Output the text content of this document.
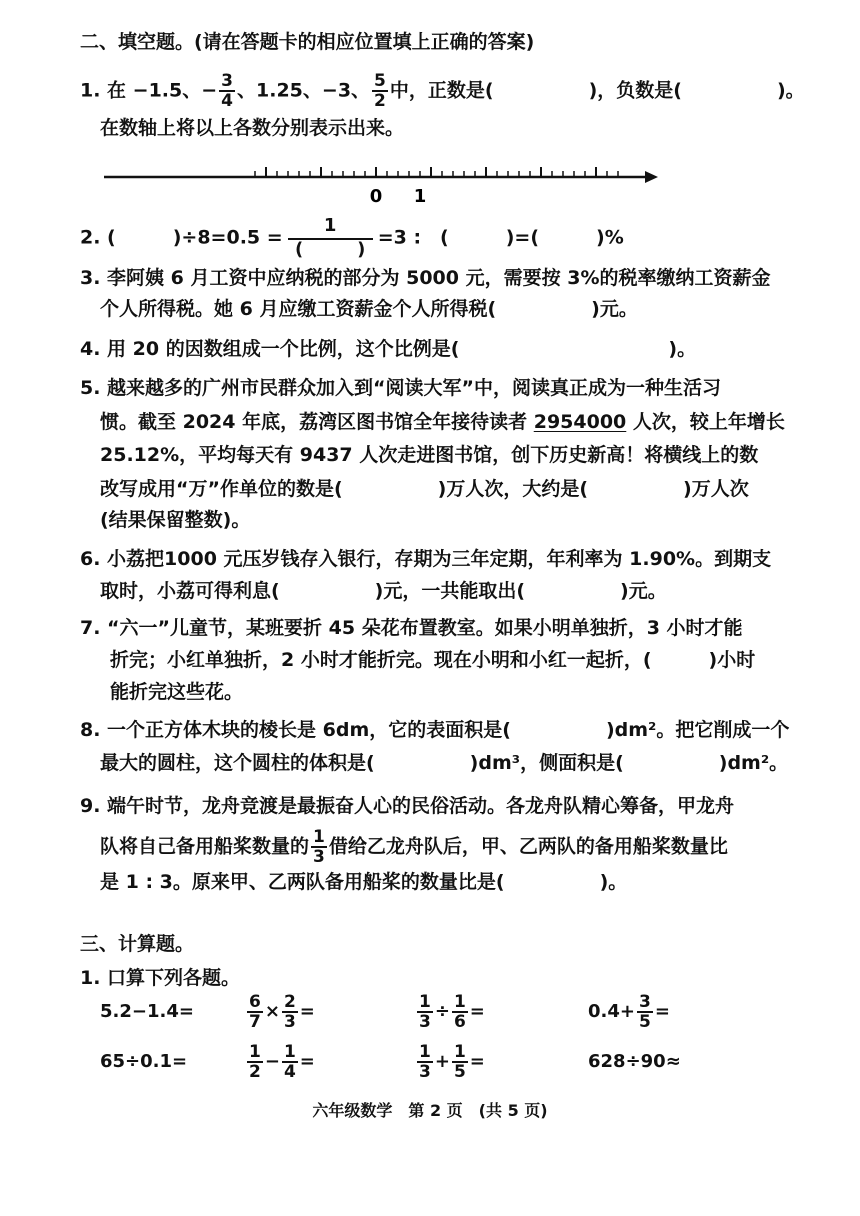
二、填空题。(请在答题卡的相应位置填上正确的答案)
1. 在 −1.5、− $\frac{3}{4}$ 、1.25、−3、 $\frac{5}{2}$ 中，正数是(　　　　　)，负数是(　　　　　)。
在数轴上将以上各数分别表示出来。
0 1
2. (　　　)÷8=0.5 =
1
(　　　)
=3 :　(　　　)=(　　　)%
3. 李阿姨 6 月工资中应纳税的部分为 5000 元，需要按 3%的税率缴纳工资薪金
个人所得税。她 6 月应缴工资薪金个人所得税(　　　　　)元。
4. 用 20 的因数组成一个比例，这个比例是(　　　　　　　　　　　)。
5. 越来越多的广州市民群众加入到“阅读大军”中，阅读真正成为一种生活习
惯。截至 2024 年底，荔湾区图书馆全年接待读者 2954000 人次，较上年增长
25.12%，平均每天有 9437 人次走进图书馆，创下历史新高！将横线上的数
改写成用“万”作单位的数是(　　　　　)万人次，大约是(　　　　　)万人次
(结果保留整数)。
6. 小荔把1000 元压岁钱存入银行，存期为三年定期，年利率为 1.90%。到期支
取时，小荔可得利息(　　　　　)元，一共能取出(　　　　　)元。
7. “六一”儿童节，某班要折 45 朵花布置教室。如果小明单独折，3 小时才能
折完；小红单独折，2 小时才能折完。现在小明和小红一起折，(　　　)小时
能折完这些花。
8. 一个正方体木块的棱长是 6dm，它的表面积是(　　　　　)dm²。把它削成一个
最大的圆柱，这个圆柱的体积是(　　　　　)dm³，侧面积是(　　　　　)dm²。
9. 端午时节，龙舟竞渡是最振奋人心的民俗活动。各龙舟队精心筹备，甲龙舟
队将自己备用船桨数量的 $\frac{1}{3}$ 借给乙龙舟队后，甲、乙两队的备用船桨数量比
是 1 : 3。原来甲、乙两队备用船桨的数量比是(　　　　　)。
三、计算题。
1. 口算下列各题。
5.2−1.4=	$\frac{6}{7} \times \frac{2}{3}$ =	$\frac{1}{3} \div \frac{1}{6}$ =	$0.4+ \frac{3}{5}$ =
65÷0.1=	$\frac{1}{2} - \frac{1}{4}$ =	$\frac{1}{3} + \frac{1}{5}$ =	628÷90≈
六年级数学　第 2 页　(共 5 页)
